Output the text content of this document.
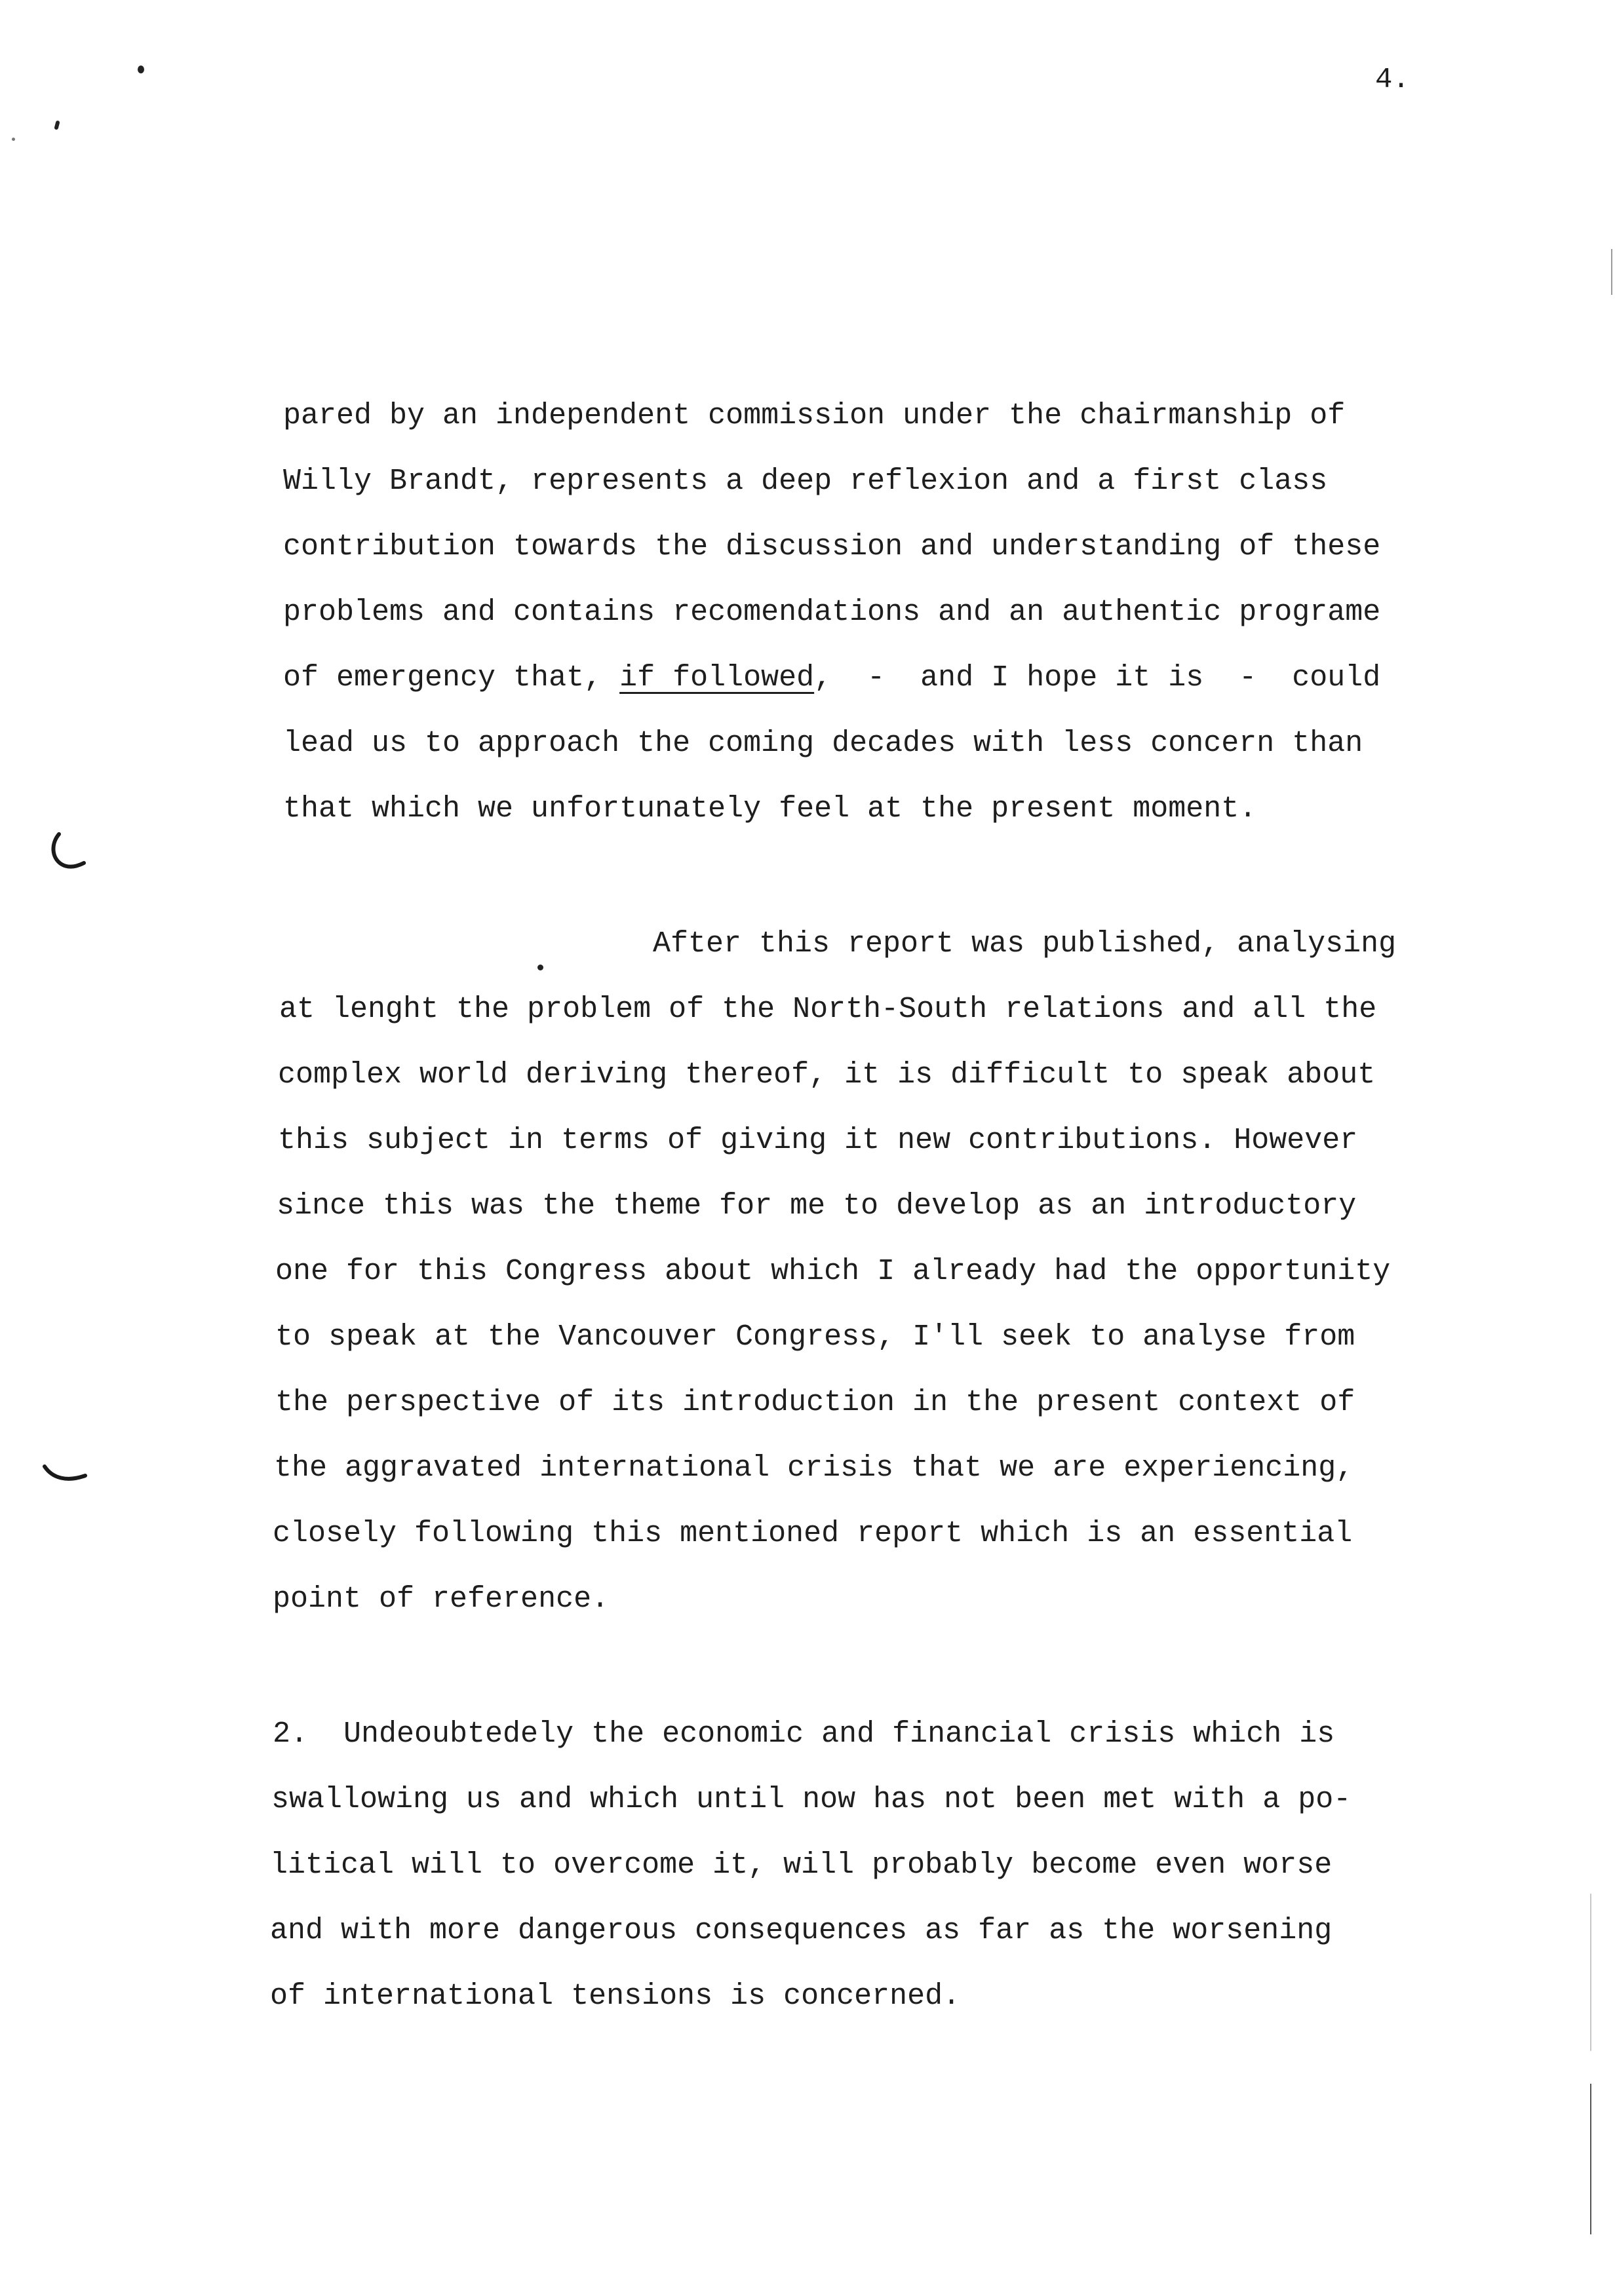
4.
pared by an independent commission under the chairmanship of
Willy Brandt, represents a deep reflexion and a first class
contribution towards the discussion and understanding of these
problems and contains recomendations and an authentic programe
of emergency that, if followed,  -  and I hope it is  -  could
lead us to approach the coming decades with less concern than
that which we unfortunately feel at the present moment.
After this report was published, analysing
at lenght the problem of the North-South relations and all the
complex world deriving thereof, it is difficult to speak about
this subject in terms of giving it new contributions. However
since this was the theme for me to develop as an introductory
one for this Congress about which I already had the opportunity
to speak at the Vancouver Congress, I'll seek to analyse from
the perspective of its introduction in the present context of
the aggravated international crisis that we are experiencing,
closely following this mentioned report which is an essential
point of reference.
2.  Undeoubtedely the economic and financial crisis which is
swallowing us and which until now has not been met with a po-
litical will to overcome it, will probably become even worse
and with more dangerous consequences as far as the worsening
of international tensions is concerned.
